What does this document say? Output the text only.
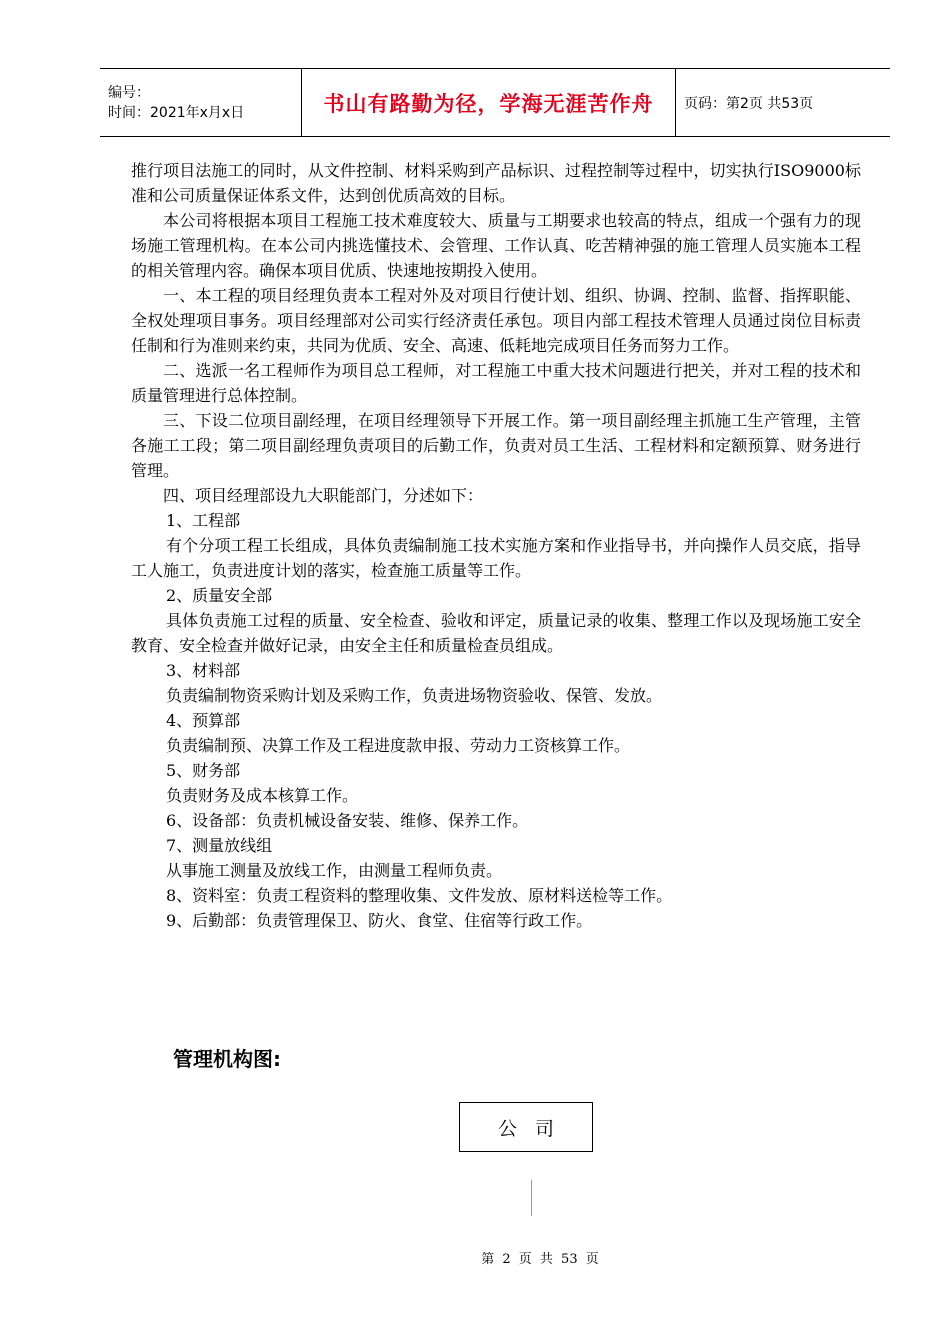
编号：
时间：2021年x月x日	书山有路勤为径，学海无涯苦作舟 页码：第2页 共53页

推行项目法施工的同时，从文件控制、材料采购到产品标识、过程控制等过程中，切实执行ISO9000标准和公司质量保证体系文件，达到创优质高效的目标。

本公司将根据本项目工程施工技术难度较大、质量与工期要求也较高的特点，组成一个强有力的现场施工管理机构。在本公司内挑选懂技术、会管理、工作认真、吃苦精神强的施工管理人员实施本工程的相关管理内容。确保本项目优质、快速地按期投入使用。

一、本工程的项目经理负责本工程对外及对项目行使计划、组织、协调、控制、监督、指挥职能、全权处理项目事务。项目经理部对公司实行经济责任承包。项目内部工程技术管理人员通过岗位目标责任制和行为准则来约束，共同为优质、安全、高速、低耗地完成项目任务而努力工作。

二、选派一名工程师作为项目总工程师，对工程施工中重大技术问题进行把关，并对工程的技术和质量管理进行总体控制。

三、下设二位项目副经理，在项目经理领导下开展工作。第一项目副经理主抓施工生产管理，主管各施工工段；第二项目副经理负责项目的后勤工作，负责对员工生活、工程材料和定额预算、财务进行管理。

四、项目经理部设九大职能部门，分述如下：

1、工程部

有个分项工程工长组成，具体负责编制施工技术实施方案和作业指导书，并向操作人员交底，指导工人施工，负责进度计划的落实，检查施工质量等工作。

2、质量安全部

具体负责施工过程的质量、安全检查、验收和评定，质量记录的收集、整理工作以及现场施工安全教育、安全检查并做好记录，由安全主任和质量检查员组成。

3、材料部

负责编制物资采购计划及采购工作，负责进场物资验收、保管、发放。

4、预算部

负责编制预、决算工作及工程进度款申报、劳动力工资核算工作。

5、财务部

负责财务及成本核算工作。

6、设备部：负责机械设备安装、维修、保养工作。

7、测量放线组

从事施工测量及放线工作，由测量工程师负责。

8、资料室：负责工程资料的整理收集、文件发放、原材料送检等工作。

9、后勤部：负责管理保卫、防火、食堂、住宿等行政工作。

管理机构图:
公司
第 2 页 共 53 页
